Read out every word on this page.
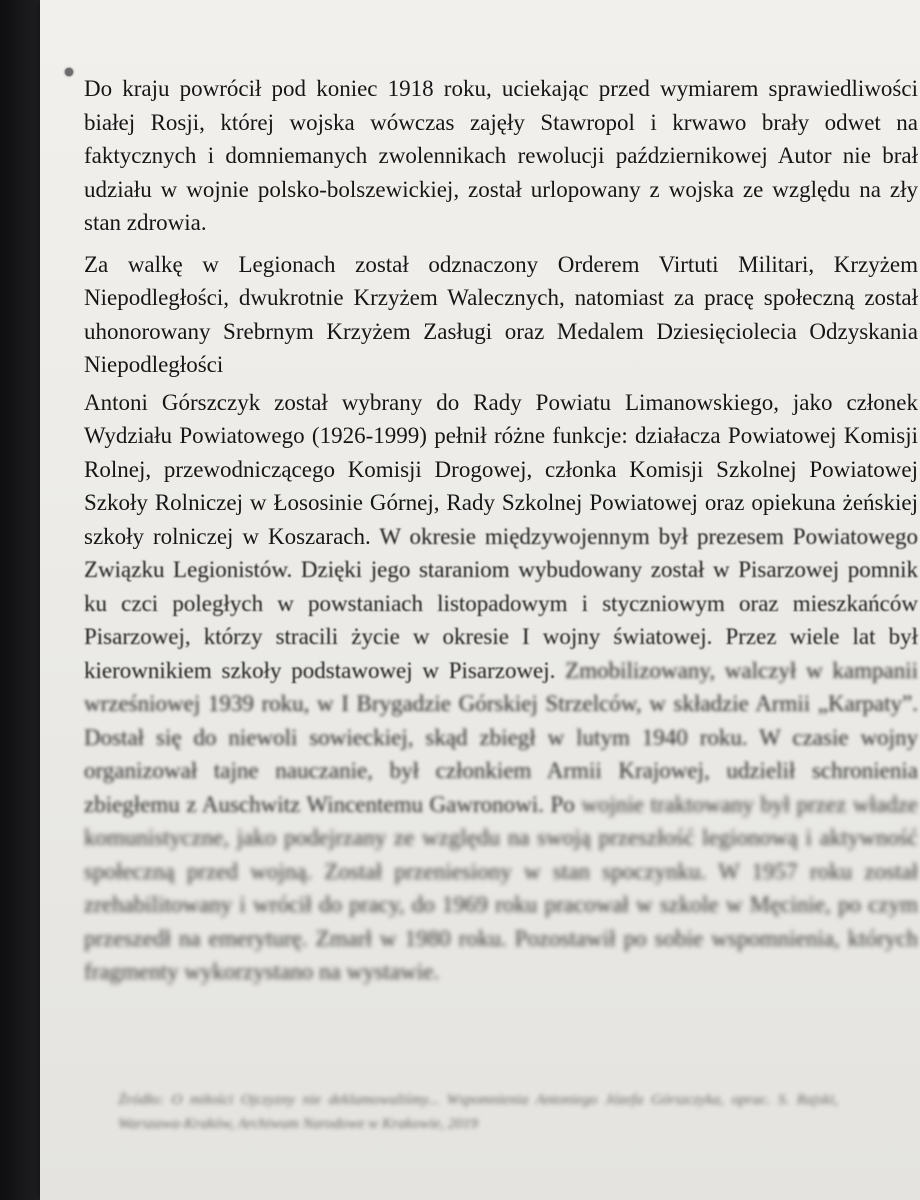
Do kraju powrócił pod koniec 1918 roku, uciekając przed wymiarem sprawiedliwości białej Rosji, której wojska wówczas zajęły Stawropol i krwawo brały odwet na faktycznych i domniemanych zwolennikach rewolucji październikowej Autor nie brał udziału w wojnie polsko-bolszewickiej, został urlopowany z wojska ze względu na zły stan zdrowia.

Za walkę w Legionach został odznaczony Orderem Virtuti Militari, Krzyżem Niepodległości, dwukrotnie Krzyżem Walecznych, natomiast za pracę społeczną został uhonorowany Srebrnym Krzyżem Zasługi oraz Medalem Dziesięciolecia Odzyskania Niepodległości

Antoni Górszczyk został wybrany do Rady Powiatu Limanowskiego, jako członek Wydziału Powiatowego (1926-1999) pełnił różne funkcje: działacza Powiatowej Komisji Rolnej, przewodniczącego Komisji Drogowej, członka Komisji Szkolnej Powiatowej Szkoły Rolniczej w Łososinie Górnej, Rady Szkolnej Powiatowej oraz opiekuna żeńskiej szkoły rolniczej w Koszarach. W okresie międzywojennym był prezesem Powiatowego Związku Legionistów. Dzięki jego staraniom wybudowany został w Pisarzowej pomnik ku czci poległych w powstaniach listopadowym i styczniowym oraz mieszkańców Pisarzowej, którzy stracili życie w okresie I wojny światowej. Przez wiele lat był kierownikiem szkoły podstawowej w Pisarzowej. Zmobilizowany, walczył w kampanii wrześniowej 1939 roku, w I Brygadzie Górskiej Strzelców, w składzie Armii „Karpaty”. Dostał się do niewoli sowieckiej, skąd zbiegł w lutym 1940 roku. W czasie wojny organizował tajne nauczanie, był członkiem Armii Krajowej, udzielił schronienia zbiegłemu z Auschwitz Wincentemu Gawronowi. Po wojnie traktowany był przez władze komunistyczne, jako podejrzany ze względu na swoją przeszłość legionową i aktywność społeczną przed wojną. Został przeniesiony w stan spoczynku. W 1957 roku został zrehabilitowany i wrócił do pracy, do 1969 roku pracował w szkole w Męcinie, po czym przeszedł na emeryturę. Zmarł w 1980 roku. Pozostawił po sobie wspomnienia, których fragmenty wykorzystano na wystawie.

Źródło: O miłości Ojczyzny nie deklamowaliśmy... Wspomnienia Antoniego Józefa Górszczyka, oprac. S. Rajski, Warszawa-Kraków, Archiwum Narodowe w Krakowie, 2019
